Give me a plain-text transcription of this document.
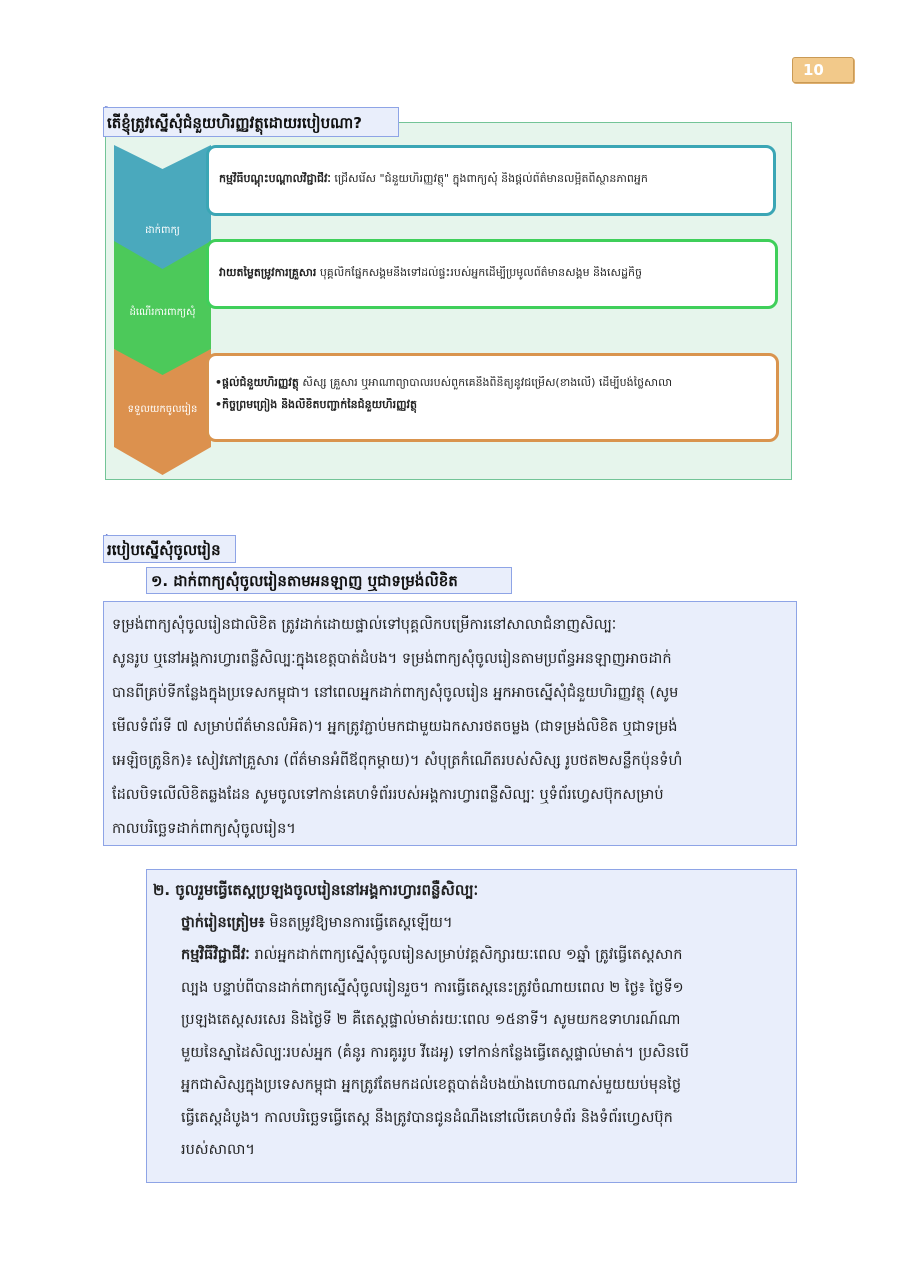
10
ដាក់ពាក្យ
ដំណើរការពាក្យសុំ
ទទួលយកចូលរៀន
កម្មវិធីបណ្តុះបណ្តាលវិជ្ជាជីវៈ ជ្រើសរើស "ជំនួយហិរញ្ញវត្ថុ" ក្នុងពាក្យសុំ និងផ្តល់ព័ត៌មានលម្អិតពីស្ថានភាពអ្នក
វាយតម្លៃតម្រូវការគ្រួសារ បុគ្គលិកផ្នែកសង្គមនឹងទៅដល់ផ្ទះរបស់អ្នកដើម្បីប្រមូលព័ត៌មានសង្គម និងសេដ្ឋកិច្ច
•ផ្តល់ជំនួយហិរញ្ញវត្ថុ សិស្ស គ្រួសារ ឬអាណាព្យាបាលរបស់ពួកគេនឹងពិនិត្យនូវជម្រើស(ខាងលើ) ដើម្បីបង់ថ្លៃសាលា
•កិច្ចព្រមព្រៀង និងលិខិតបញ្ជាក់នៃជំនួយហិរញ្ញវត្ថុ
តើខ្ញុំត្រូវស្នើសុំជំនួយហិរញ្ញវត្ថុដោយរបៀបណា?
របៀបស្នើសុំចូលរៀន
១. ដាក់ពាក្យសុំចូលរៀនតាមអនឡាញ ឬជាទម្រង់លិខិត
ទម្រង់ពាក្យសុំចូលរៀនជាលិខិត ត្រូវដាក់ដោយផ្ទាល់ទៅបុគ្គលិកបម្រើការនៅសាលាជំនាញសិល្បៈ
សូនរូប ឬនៅអង្គការហ្វារពន្លឺសិល្បៈក្នុងខេត្តបាត់ដំបង។ ទម្រង់ពាក្យសុំចូលរៀនតាមប្រព័ន្ធអនឡាញអាចដាក់
បានពីគ្រប់ទីកន្លែងក្នុងប្រទេសកម្ពុជា។ នៅពេលអ្នកដាក់ពាក្យសុំចូលរៀន អ្នកអាចស្នើសុំជំនួយហិរញ្ញវត្ថុ (សូម
មើលទំព័រទី ៧ សម្រាប់ព័ត៌មានលំអិត)។ អ្នកត្រូវភ្ជាប់មកជាមួយឯកសារថតចម្លង (ជាទម្រង់លិខិត ឬជាទម្រង់
អេឡិចត្រូនិក)៖ សៀវភៅគ្រួសារ (ព័ត៌មានអំពីឪពុកម្តាយ)។ សំបុត្រកំណើតរបស់សិស្ស រូបថត២សន្លឹកប៉ុនទំហំ
ដែលបិទលើលិខិតឆ្លងដែន សូមចូលទៅកាន់គេហទំព័ររបស់អង្គការហ្វារពន្លឺសិល្បៈ ឬទំព័រហ្វេសប៊ុកសម្រាប់
កាលបរិច្ឆេទដាក់ពាក្យសុំចូលរៀន។
២. ចូលរួមធ្វើតេស្តប្រឡងចូលរៀននៅអង្គការហ្វារពន្លឺសិល្បៈ
ថ្នាក់រៀនត្រៀម៖ មិនតម្រូវឱ្យមានការធ្វើតេស្តឡើយ។
កម្មវិធីវិជ្ជាជីវៈ រាល់អ្នកដាក់ពាក្យស្នើសុំចូលរៀនសម្រាប់វគ្គសិក្សារយៈពេល ១ឆ្នាំ ត្រូវធ្វើតេស្តសាក
ល្បង បន្ទាប់ពីបានដាក់ពាក្យស្នើសុំចូលរៀនរួច។ ការធ្វើតេស្តនេះត្រូវចំណាយពេល ២ ថ្ងៃ៖ ថ្ងៃទី១
ប្រឡងតេស្តសរសេរ និងថ្ងៃទី ២ គឺតេស្តផ្ទាល់មាត់រយៈពេល ១៥នាទី។ សូមយកឧទាហរណ៍ណា
មួយនៃស្នាដៃសិល្បៈរបស់អ្នក (គំនូរ ការគូររូប វីដេអូ) ទៅកាន់កន្លែងធ្វើតេស្តផ្ទាល់មាត់។ ប្រសិនបើ
អ្នកជាសិស្សក្នុងប្រទេសកម្ពុជា អ្នកត្រូវតែមកដល់ខេត្តបាត់ដំបងយ៉ាងហោចណាស់មួយយប់មុនថ្ងៃ
ធ្វើតេស្តដំបូង។ កាលបរិច្ឆេទធ្វើតេស្ត នឹងត្រូវបានជូនដំណឹងនៅលើគេហទំព័រ និងទំព័រហ្វេសប៊ុក
របស់សាលា។
